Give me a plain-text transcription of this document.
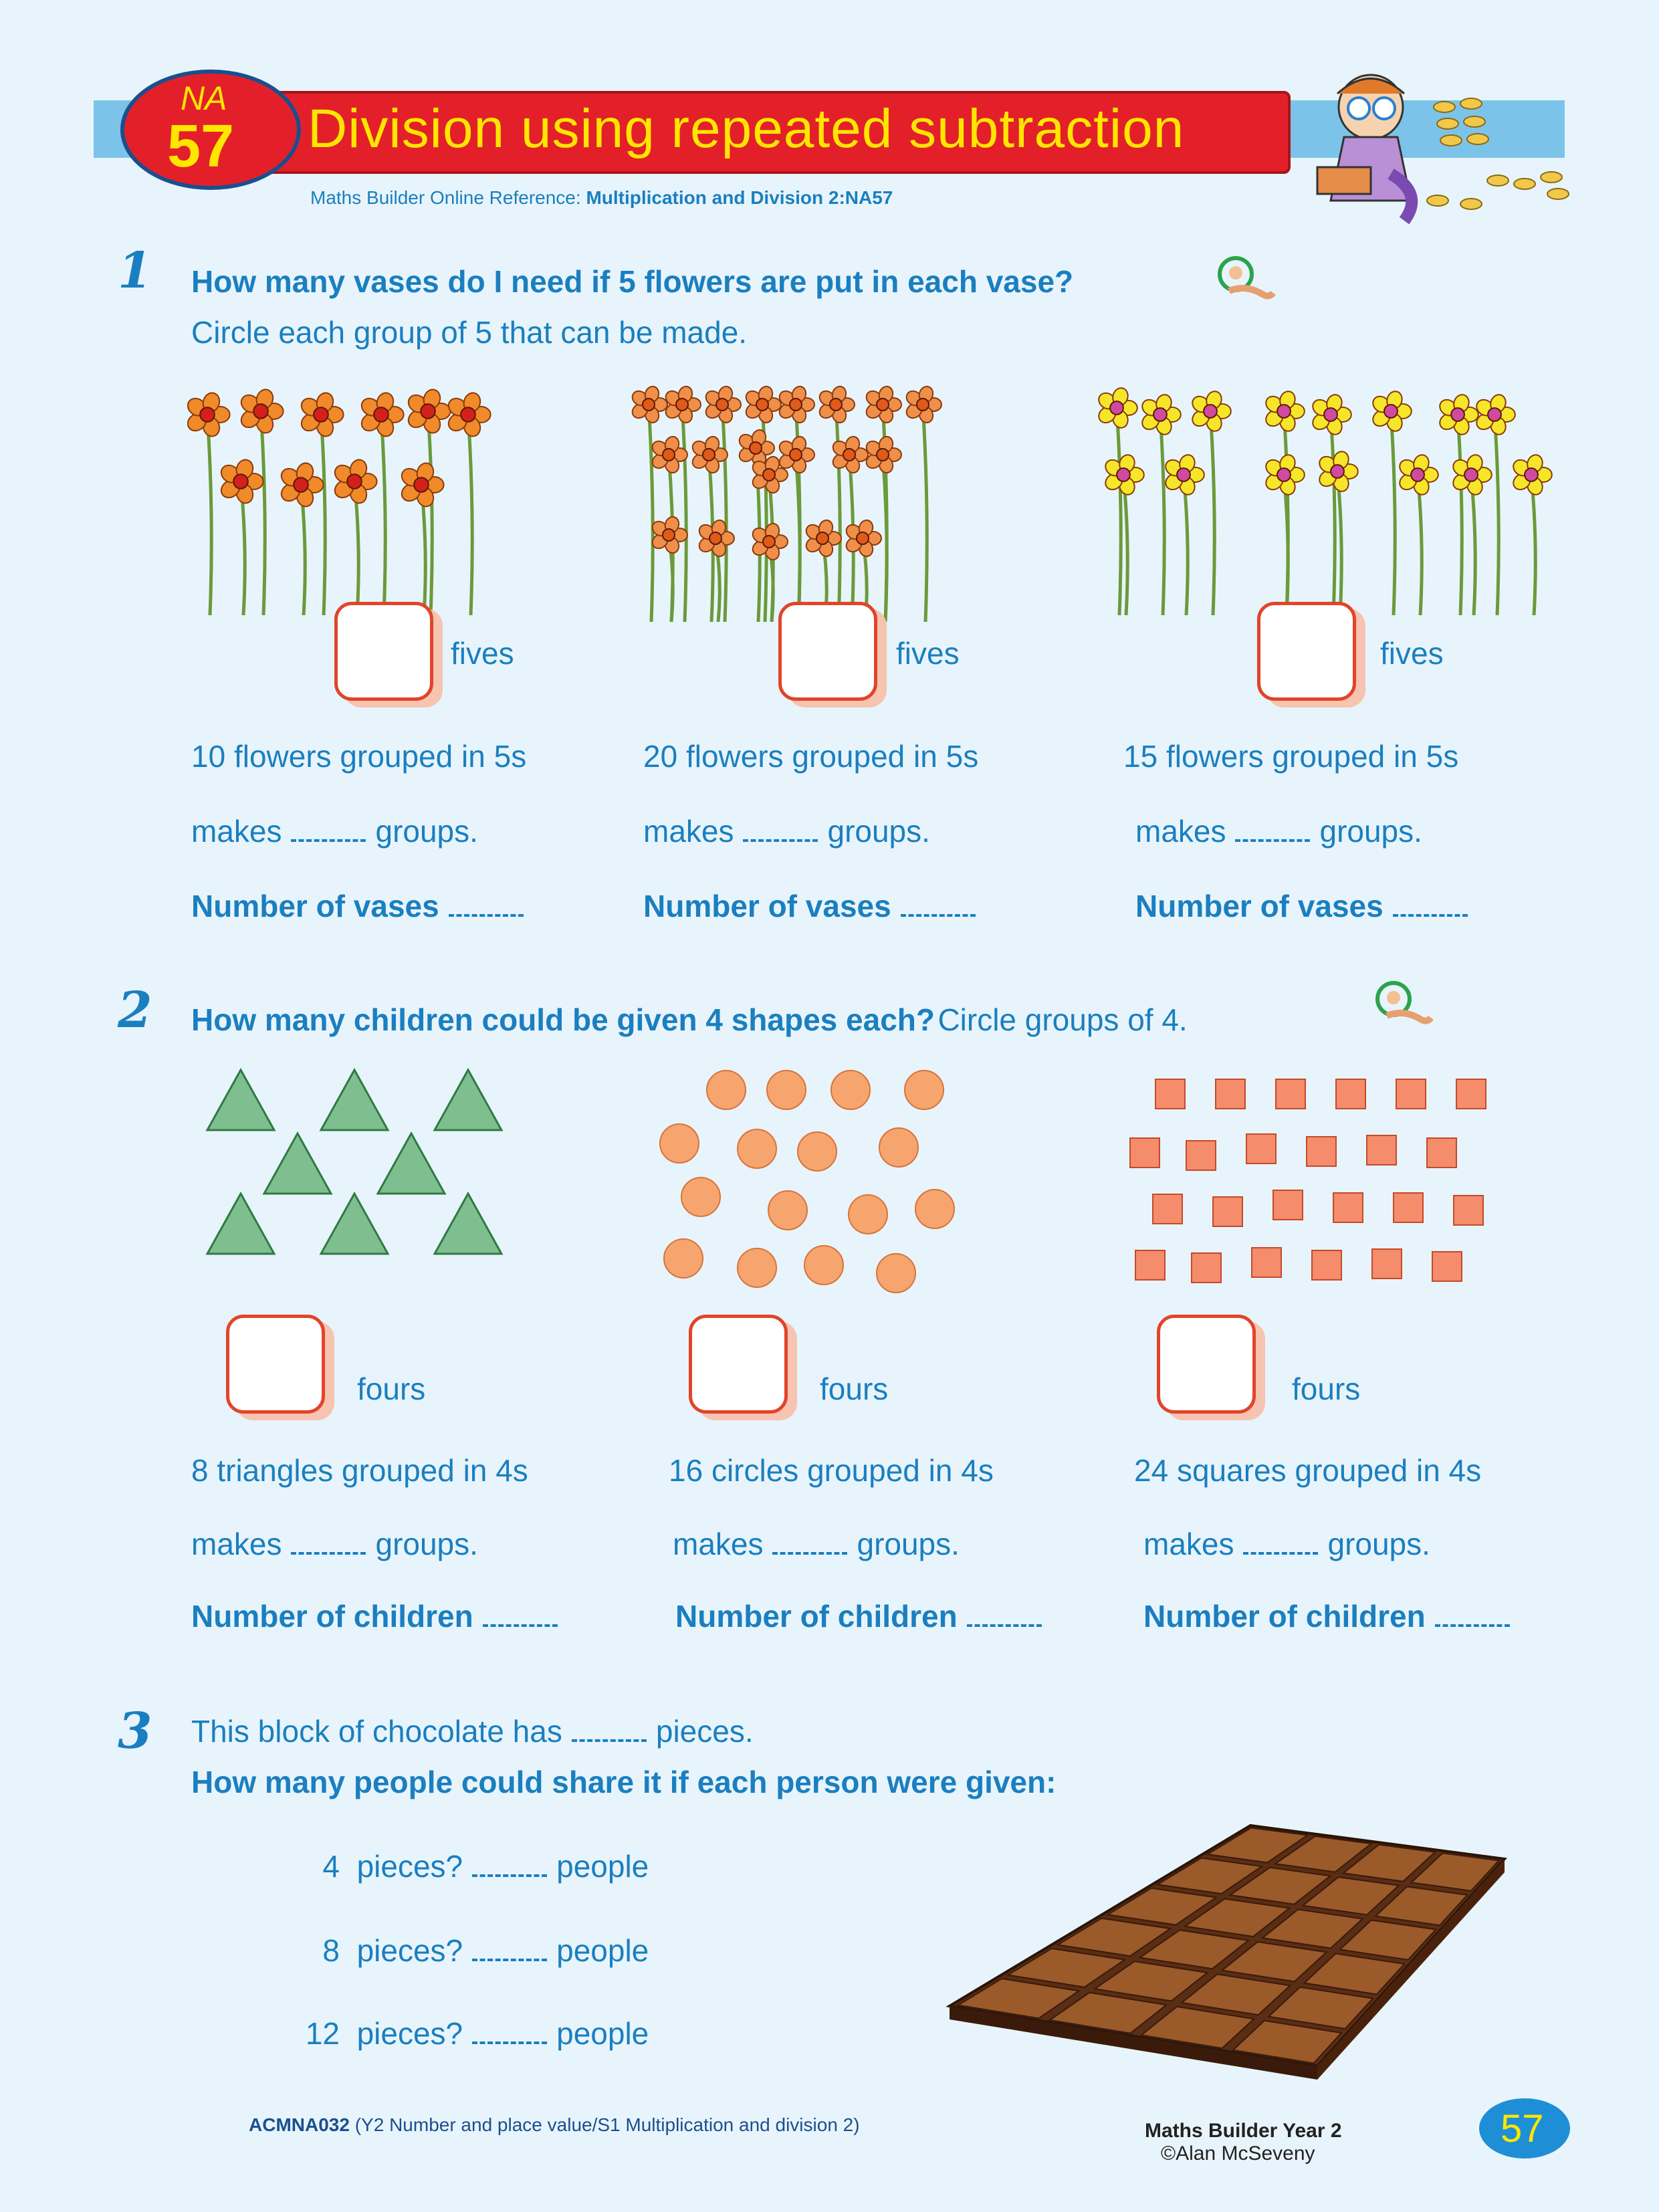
Division using repeated subtraction
NA
57
Maths Builder Online Reference: Multiplication and Division 2:NA57
1 How many vases do I need if 5 flowers are put in each vase?
Circle each group of 5 that can be made.
fives	fives	fives
10 flowers grouped in 5s	20 flowers grouped in 5s	15 flowers grouped in 5s
makes	groups.	makes	groups.	makes	groups.
Number of vases	Number of vases	Number of vases
2 How many children could be given 4 shapes each? Circle groups of 4.
fours	fours	fours
8 triangles grouped in 4s	16 circles grouped in 4s	24 squares grouped in 4s
makes	groups.	makes	groups.	makes	groups.
Number of children	Number of children	Number of children
3 This block of chocolate has	pieces.
How many people could share it if each person were given:
4 pieces?	people
8 pieces?	people
12 pieces?	people
ACMNA032 (Y2 Number and place value/S1 Multiplication and division 2)	Maths Builder Year 2
©Alan McSeveny
57
